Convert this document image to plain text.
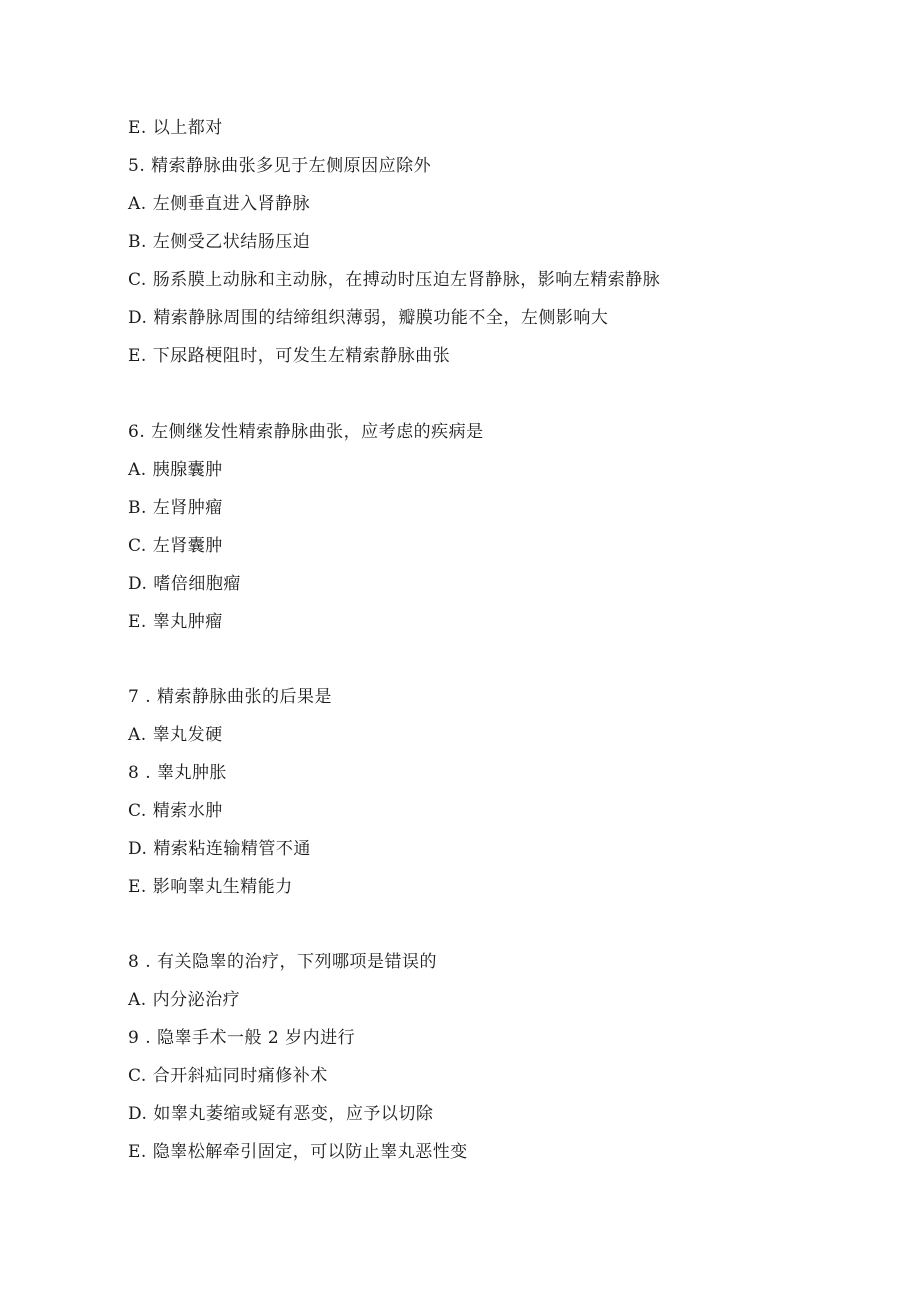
E. 以上都对
5. 精索静脉曲张多见于左侧原因应除外
A. 左侧垂直进入肾静脉
B. 左侧受乙状结肠压迫
C. 肠系膜上动脉和主动脉，在搏动时压迫左肾静脉，影响左精索静脉
D. 精索静脉周围的结缔组织薄弱，瓣膜功能不全，左侧影响大
E. 下尿路梗阻时，可发生左精索静脉曲张
6. 左侧继发性精索静脉曲张，应考虑的疾病是
A. 胰腺囊肿
B. 左肾肿瘤
C. 左肾囊肿
D. 嗜倍细胞瘤
E. 睾丸肿瘤
7 . 精索静脉曲张的后果是
A. 睾丸发硬
8 . 睾丸肿胀
C. 精索水肿
D. 精索粘连输精管不通
E. 影响睾丸生精能力
8 . 有关隐睾的治疗，下列哪项是错误的
A. 内分泌治疗
9 . 隐睾手术一般 2 岁内进行
C. 合开斜疝同时痛修补术
D. 如睾丸萎缩或疑有恶变，应予以切除
E. 隐睾松解牵引固定，可以防止睾丸恶性变
